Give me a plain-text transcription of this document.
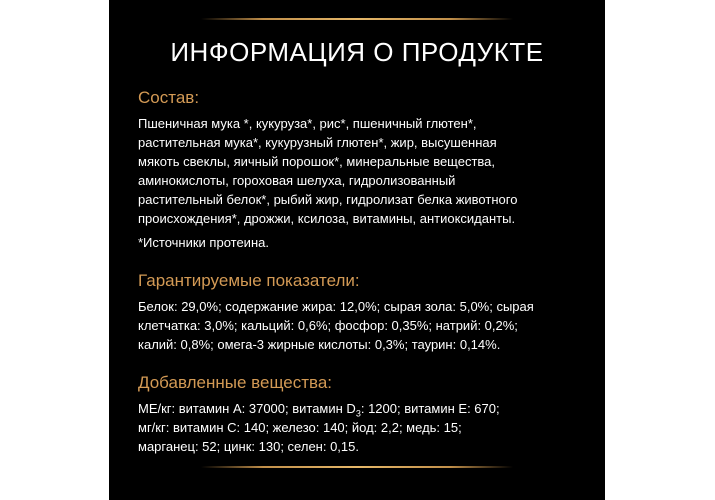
ИНФОРМАЦИЯ О ПРОДУКТЕ
Состав:

Пшеничная мука *, кукуруза*, рис*, пшеничный глютен*,
растительная мука*, кукурузный глютен*, жир, высушенная
мякоть свеклы, яичный порошок*, минеральные вещества,
аминокислоты, гороховая шелуха, гидролизованный
растительный белок*, рыбий жир, гидролизат белка животного
происхождения*, дрожжи, ксилоза, витамины, антиоксиданты.

*Источники протеина.

Гарантируемые показатели:

Белок: 29,0%; содержание жира: 12,0%; сырая зола: 5,0%; сырая
клетчатка: 3,0%; кальций: 0,6%; фосфор: 0,35%; натрий: 0,2%;
калий: 0,8%; омега-3 жирные кислоты: 0,3%; таурин: 0,14%.

Добавленные вещества:

МЕ/кг: витамин A: 37000; витамин $D_3$: 1200; витамин E: 670;
мг/кг: витамин C: 140; железо: 140; йод: 2,2; медь: 15;
марганец: 52; цинк: 130; селен: 0,15.
